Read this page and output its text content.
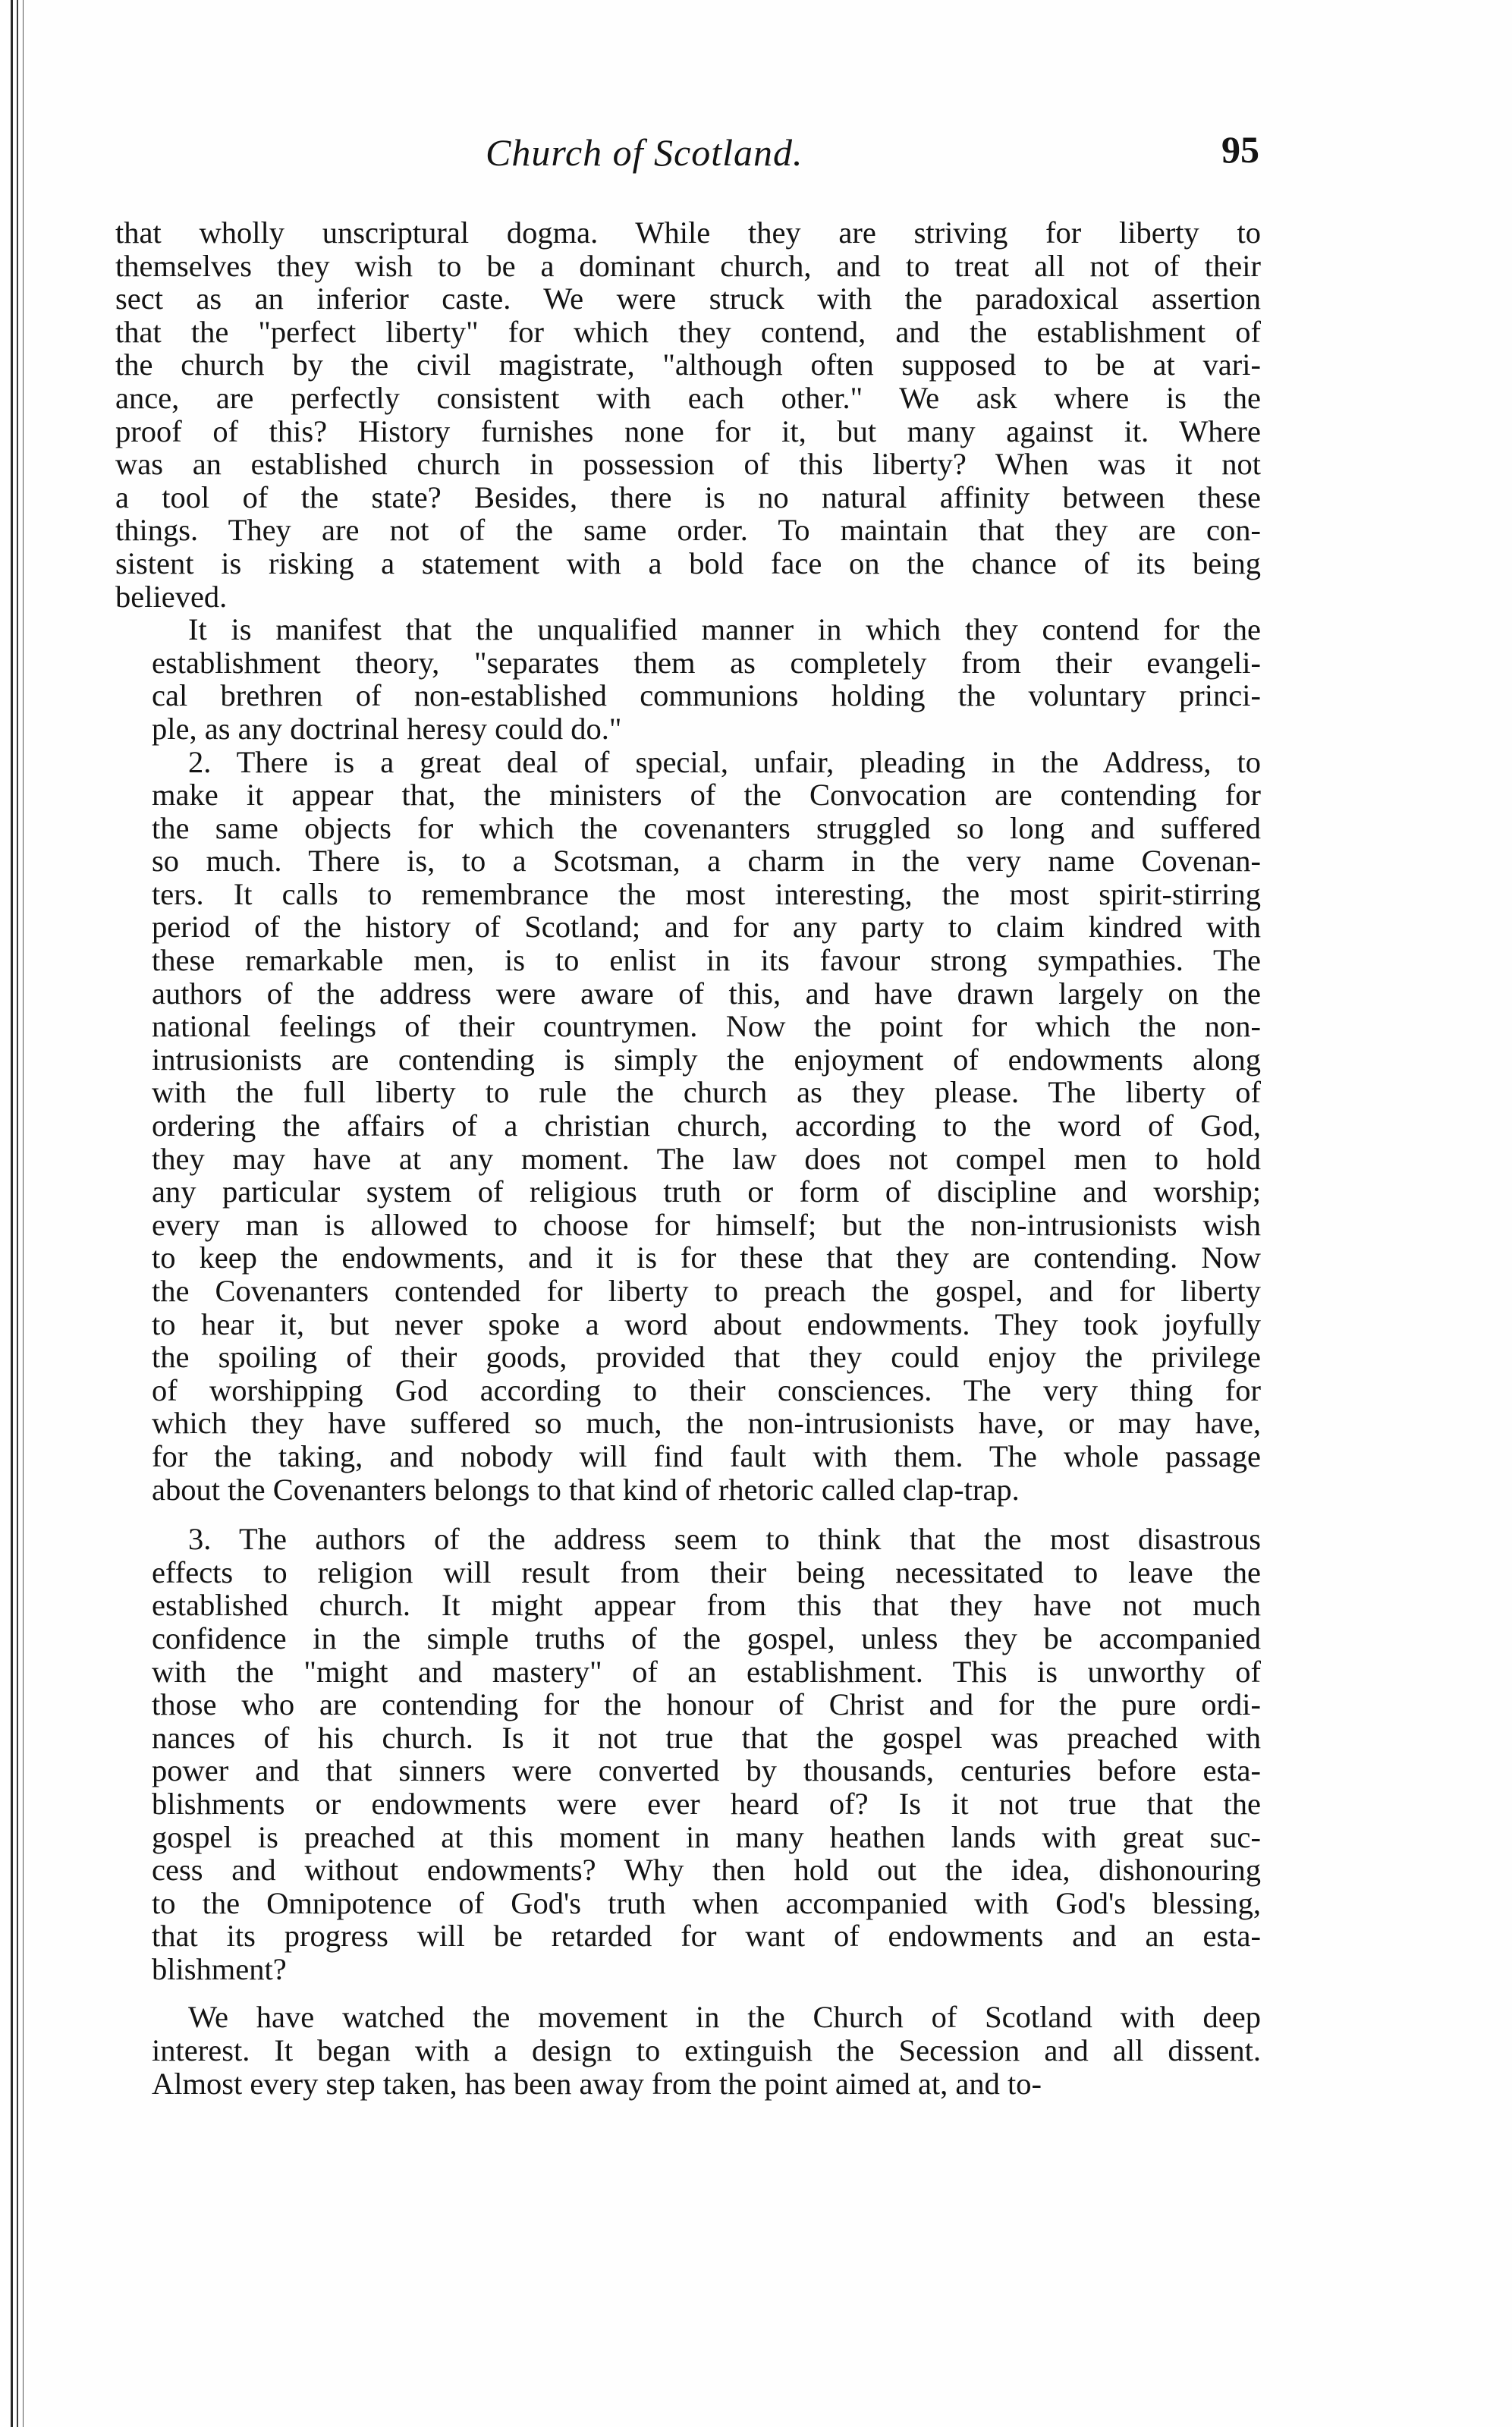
Church of Scotland.	95
that wholly unscriptural dogma. While they are striving for liberty to
themselves they wish to be a dominant church, and to treat all not of their
sect as an inferior caste. We were struck with the paradoxical assertion
that the "perfect liberty" for which they contend, and the establishment of
the church by the civil magistrate, "although often supposed to be at vari-
ance, are perfectly consistent with each other." We ask where is the
proof of this? History furnishes none for it, but many against it. Where
was an established church in possession of this liberty? When was it not
a tool of the state? Besides, there is no natural affinity between these
things. They are not of the same order. To maintain that they are con-
sistent is risking a statement with a bold face on the chance of its being
believed.
It is manifest that the unqualified manner in which they contend for the
establishment theory, "separates them as completely from their evangeli-
cal brethren of non-established communions holding the voluntary princi-
ple, as any doctrinal heresy could do."
2. There is a great deal of special, unfair, pleading in the Address, to
make it appear that, the ministers of the Convocation are contending for
the same objects for which the covenanters struggled so long and suffered
so much. There is, to a Scotsman, a charm in the very name Covenan-
ters. It calls to remembrance the most interesting, the most spirit-stirring
period of the history of Scotland; and for any party to claim kindred with
these remarkable men, is to enlist in its favour strong sympathies. The
authors of the address were aware of this, and have drawn largely on the
national feelings of their countrymen. Now the point for which the non-
intrusionists are contending is simply the enjoyment of endowments along
with the full liberty to rule the church as they please. The liberty of
ordering the affairs of a christian church, according to the word of God,
they may have at any moment. The law does not compel men to hold
any particular system of religious truth or form of discipline and worship;
every man is allowed to choose for himself; but the non-intrusionists wish
to keep the endowments, and it is for these that they are contending. Now
the Covenanters contended for liberty to preach the gospel, and for liberty
to hear it, but never spoke a word about endowments. They took joyfully
the spoiling of their goods, provided that they could enjoy the privilege
of worshipping God according to their consciences. The very thing for
which they have suffered so much, the non-intrusionists have, or may have,
for the taking, and nobody will find fault with them. The whole passage
about the Covenanters belongs to that kind of rhetoric called clap-trap.
3. The authors of the address seem to think that the most disastrous
effects to religion will result from their being necessitated to leave the
established church. It might appear from this that they have not much
confidence in the simple truths of the gospel, unless they be accompanied
with the "might and mastery" of an establishment. This is unworthy of
those who are contending for the honour of Christ and for the pure ordi-
nances of his church. Is it not true that the gospel was preached with
power and that sinners were converted by thousands, centuries before esta-
blishments or endowments were ever heard of? Is it not true that the
gospel is preached at this moment in many heathen lands with great suc-
cess and without endowments? Why then hold out the idea, dishonouring
to the Omnipotence of God's truth when accompanied with God's blessing,
that its progress will be retarded for want of endowments and an esta-
blishment?
We have watched the movement in the Church of Scotland with deep
interest. It began with a design to extinguish the Secession and all dissent.
Almost every step taken, has been away from the point aimed at, and to-
